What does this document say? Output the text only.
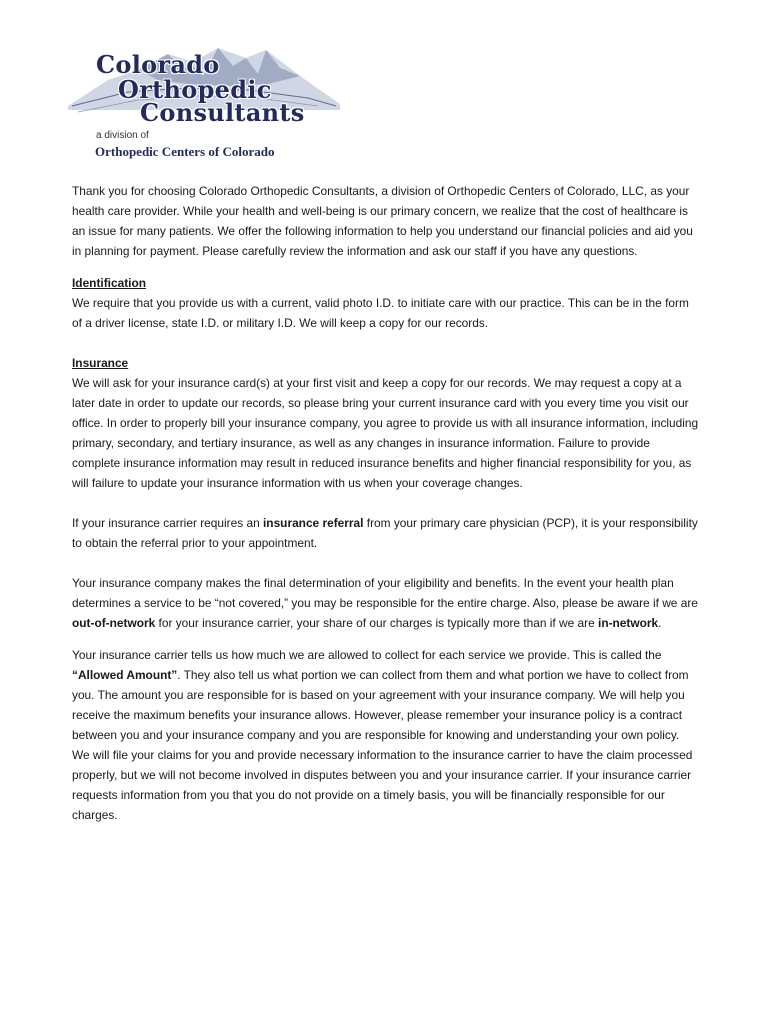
Colorado
Orthopedic
Consultants
a division of
Orthopedic Centers of Colorado

Thank you for choosing Colorado Orthopedic Consultants, a division of Orthopedic Centers of Colorado, LLC, as your health care provider. While your health and well-being is our primary concern, we realize that the cost of healthcare is an issue for many patients. We offer the following information to help you understand our financial policies and aid you in planning for payment. Please carefully review the information and ask our staff if you have any questions.

Identification

We require that you provide us with a current, valid photo I.D. to initiate care with our practice. This can be in the form of a driver license, state I.D. or military I.D. We will keep a copy for our records.

Insurance

We will ask for your insurance card(s) at your first visit and keep a copy for our records. We may request a copy at a later date in order to update our records, so please bring your current insurance card with you every time you visit our office. In order to properly bill your insurance company, you agree to provide us with all insurance information, including primary, secondary, and tertiary insurance, as well as any changes in insurance information. Failure to provide complete insurance information may result in reduced insurance benefits and higher financial responsibility for you, as will failure to update your insurance information with us when your coverage changes.

If your insurance carrier requires an insurance referral from your primary care physician (PCP), it is your responsibility to obtain the referral prior to your appointment.

Your insurance company makes the final determination of your eligibility and benefits. In the event your health plan determines a service to be “not covered,” you may be responsible for the entire charge. Also, please be aware if we are out-of-network for your insurance carrier, your share of our charges is typically more than if we are in-network.

Your insurance carrier tells us how much we are allowed to collect for each service we provide. This is called the “Allowed Amount”. They also tell us what portion we can collect from them and what portion we have to collect from you. The amount you are responsible for is based on your agreement with your insurance company. We will help you receive the maximum benefits your insurance allows. However, please remember your insurance policy is a contract between you and your insurance company and you are responsible for knowing and understanding your own policy. We will file your claims for you and provide necessary information to the insurance carrier to have the claim processed properly, but we will not become involved in disputes between you and your insurance carrier. If your insurance carrier requests information from you that you do not provide on a timely basis, you will be financially responsible for our charges.
